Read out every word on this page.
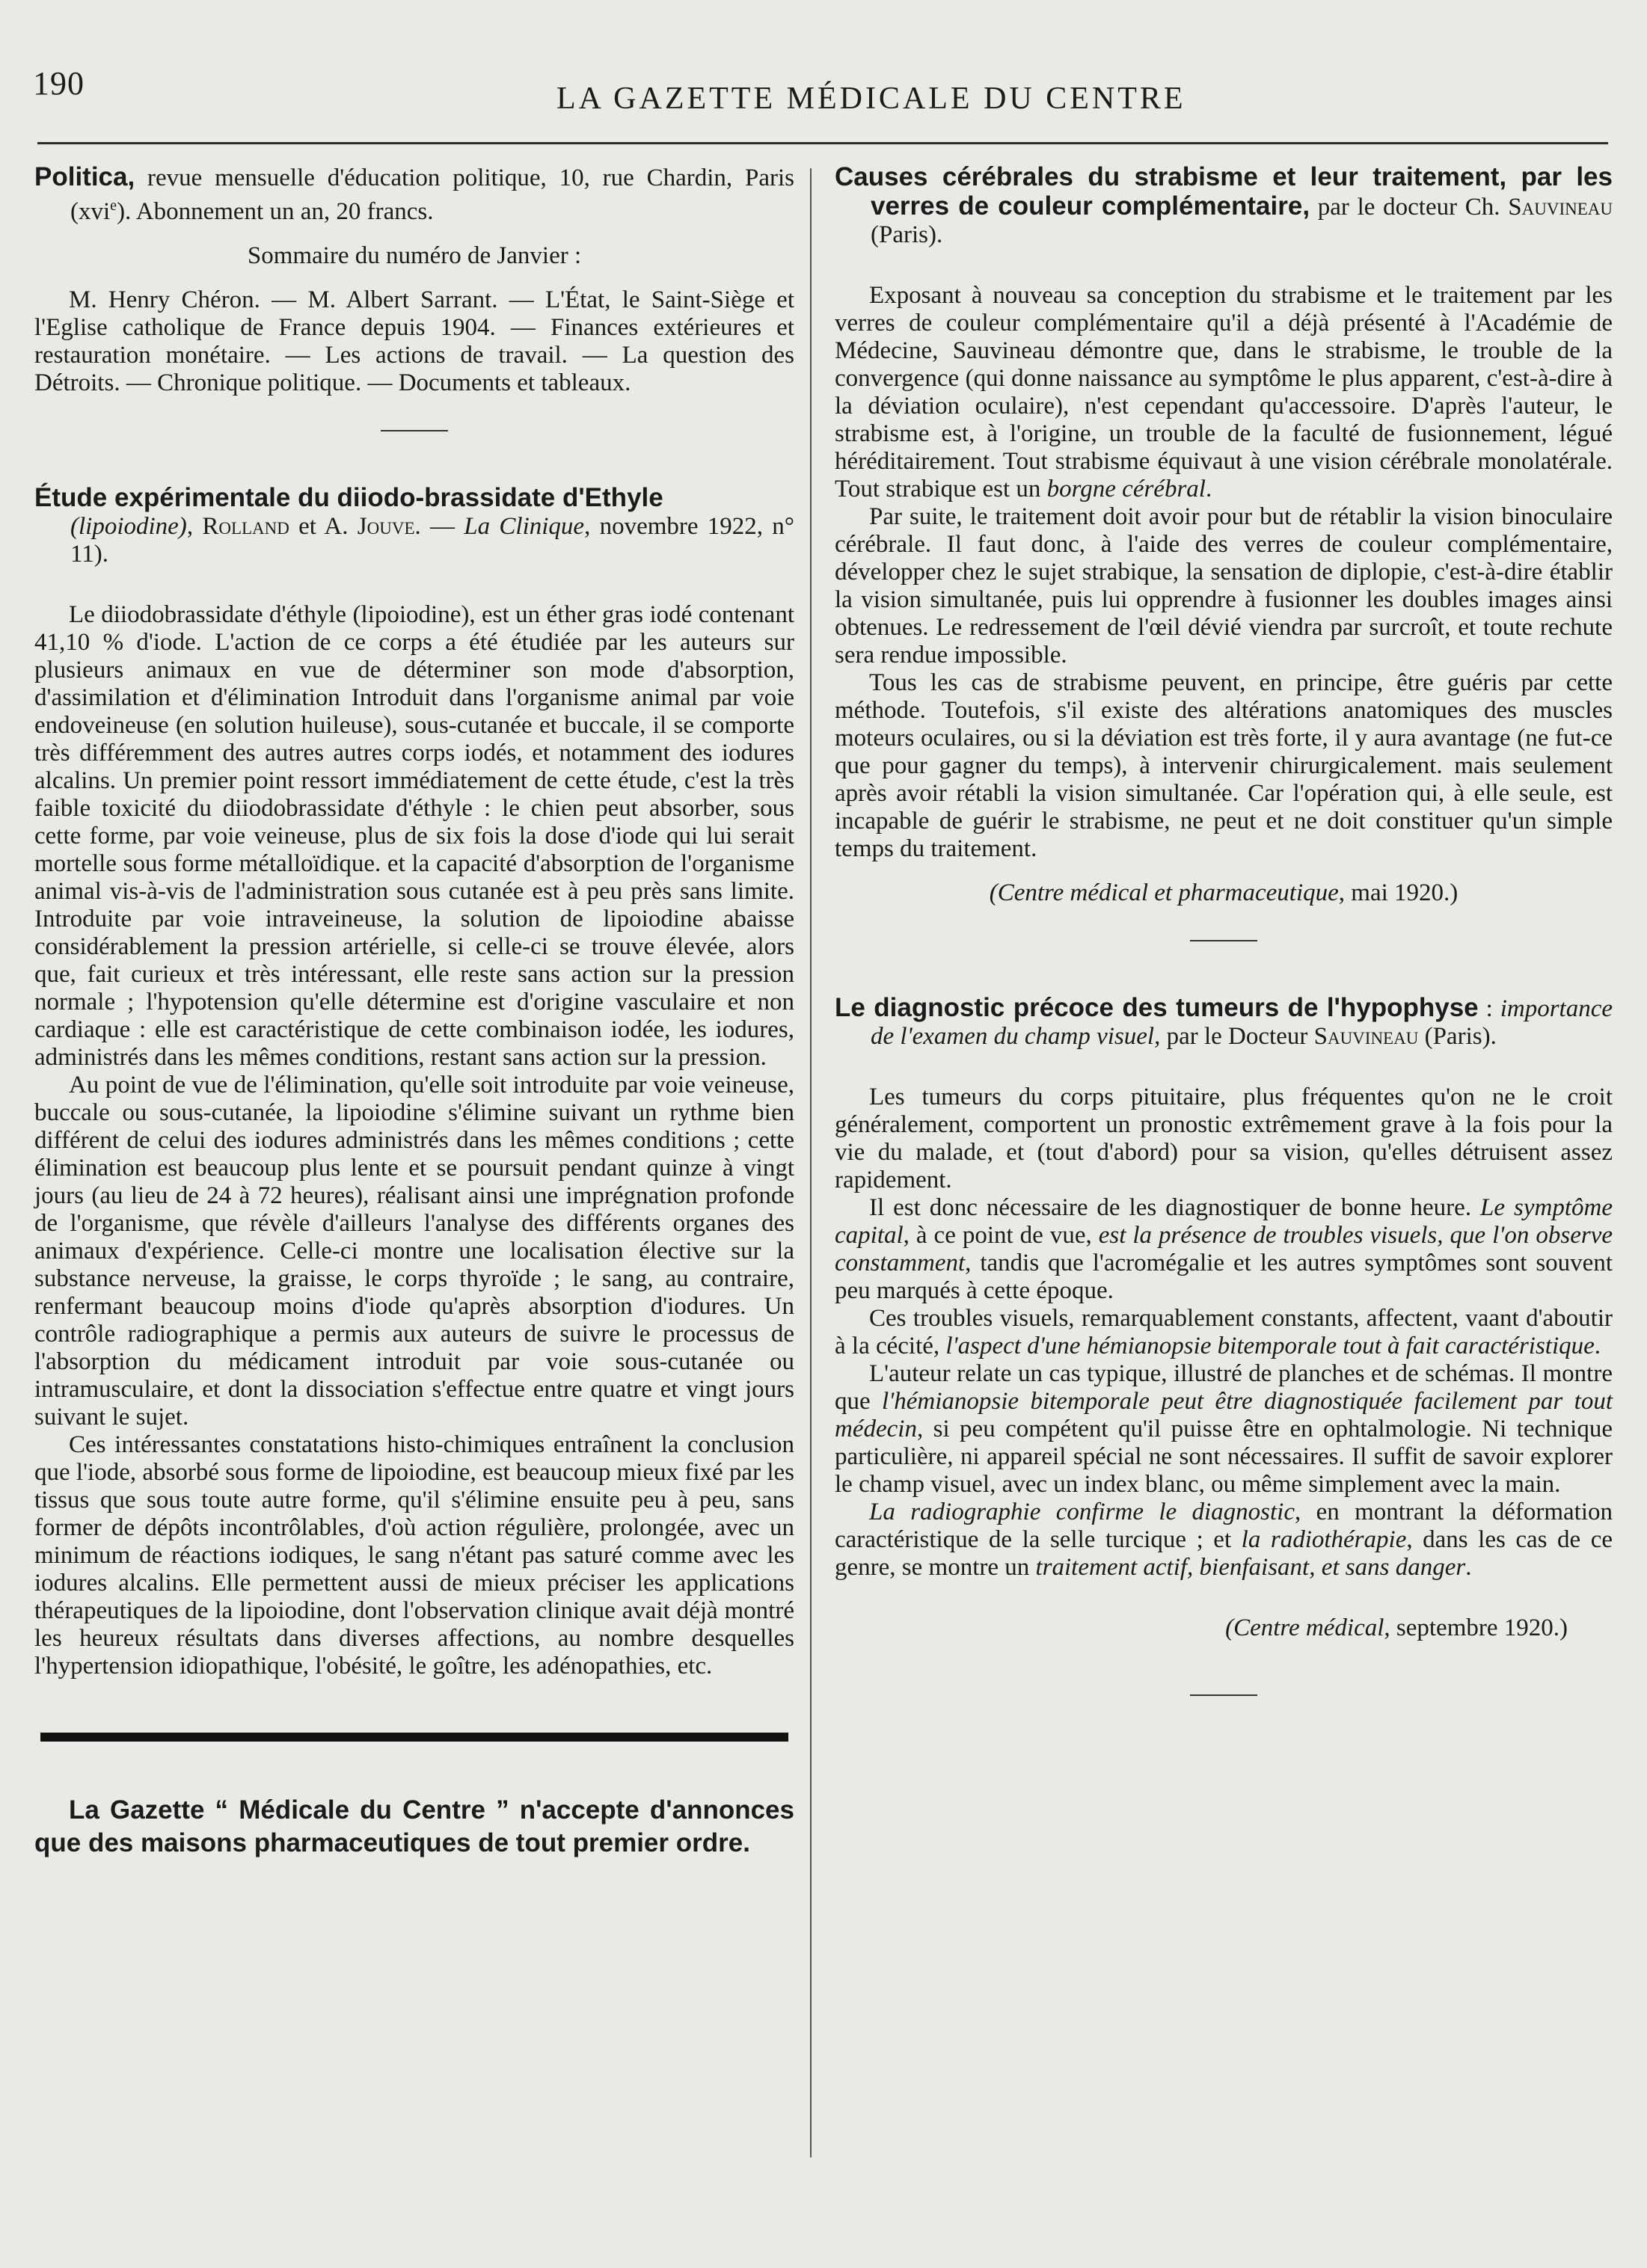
190	LA GAZETTE MÉDICALE DU CENTRE

Politica, revue mensuelle d'éducation politique, 10, rue Chardin, Paris (xvi$^e$). Abonnement un an, 20 francs.

Sommaire du numéro de Janvier :

M. Henry Chéron. — M. Albert Sarrant. — L'État, le Saint-Siège et l'Eglise catholique de France depuis 1904. — Finances extérieures et restauration monétaire. — Les actions de travail. — La question des Détroits. — Chronique politique. — Documents et tableaux.

Étude expérimentale du diiodo-brassidate d'Ethyle
(lipoiodine), Rolland et A. Jouve. — La Clinique, novembre 1922, n° 11).

Le diiodobrassidate d'éthyle (lipoiodine), est un éther gras iodé contenant 41,10 % d'iode. L'action de ce corps a été étudiée par les auteurs sur plusieurs animaux en vue de déterminer son mode d'absorption, d'assimilation et d'élimination Introduit dans l'organisme animal par voie endoveineuse (en solution huileuse), sous-cutanée et buccale, il se comporte très différemment des autres autres corps iodés, et notamment des iodures alcalins. Un premier point ressort immédiatement de cette étude, c'est la très faible toxicité du diiodobrassidate d'éthyle : le chien peut absorber, sous cette forme, par voie veineuse, plus de six fois la dose d'iode qui lui serait mortelle sous forme métalloïdique. et la capacité d'absorption de l'organisme animal vis-à-vis de l'administration sous cutanée est à peu près sans limite. Introduite par voie intraveineuse, la solution de lipoiodine abaisse considérablement la pression artérielle, si celle-ci se trouve élevée, alors que, fait curieux et très intéressant, elle reste sans action sur la pression normale ; l'hypotension qu'elle détermine est d'origine vasculaire et non cardiaque : elle est caractéristique de cette combinaison iodée, les iodures, administrés dans les mêmes conditions, restant sans action sur la pression.

Au point de vue de l'élimination, qu'elle soit introduite par voie veineuse, buccale ou sous-cutanée, la lipoiodine s'élimine suivant un rythme bien différent de celui des iodures administrés dans les mêmes conditions ; cette élimination est beaucoup plus lente et se poursuit pendant quinze à vingt jours (au lieu de 24 à 72 heures), réalisant ainsi une imprégnation profonde de l'organisme, que révèle d'ailleurs l'analyse des différents organes des animaux d'expérience. Celle-ci montre une localisation élective sur la substance nerveuse, la graisse, le corps thyroïde ; le sang, au contraire, renfermant beaucoup moins d'iode qu'après absorption d'iodures. Un contrôle radiographique a permis aux auteurs de suivre le processus de l'absorption du médicament introduit par voie sous-cutanée ou intramusculaire, et dont la dissociation s'effectue entre quatre et vingt jours suivant le sujet.

Ces intéressantes constatations histo-chimiques entraînent la conclusion que l'iode, absorbé sous forme de lipoiodine, est beaucoup mieux fixé par les tissus que sous toute autre forme, qu'il s'élimine ensuite peu à peu, sans former de dépôts incontrôlables, d'où action régulière, prolongée, avec un minimum de réactions iodiques, le sang n'étant pas saturé comme avec les iodures alcalins. Elle permettent aussi de mieux préciser les applications thérapeutiques de la lipoiodine, dont l'observation clinique avait déjà montré les heureux résultats dans diverses affections, au nombre desquelles l'hypertension idiopathique, l'obésité, le goître, les adénopathies, etc.

La Gazette “ Médicale du Centre ” n'accepte d'annonces que des maisons pharmaceutiques de tout premier ordre.

Causes cérébrales du strabisme et leur traitement, par les verres de couleur complémentaire, par le docteur Ch. Sauvineau (Paris).

Exposant à nouveau sa conception du strabisme et le traitement par les verres de couleur complémentaire qu'il a déjà présenté à l'Académie de Médecine, Sauvineau démontre que, dans le strabisme, le trouble de la convergence (qui donne naissance au symptôme le plus apparent, c'est-à-dire à la déviation oculaire), n'est cependant qu'accessoire. D'après l'auteur, le strabisme est, à l'origine, un trouble de la faculté de fusionnement, légué héréditairement. Tout strabisme équivaut à une vision cérébrale monolatérale. Tout strabique est un borgne cérébral.

Par suite, le traitement doit avoir pour but de rétablir la vision binoculaire cérébrale. Il faut donc, à l'aide des verres de couleur complémentaire, développer chez le sujet strabique, la sensation de diplopie, c'est-à-dire établir la vision simultanée, puis lui opprendre à fusionner les doubles images ainsi obtenues. Le redressement de l'œil dévié viendra par surcroît, et toute rechute sera rendue impossible.

Tous les cas de strabisme peuvent, en principe, être guéris par cette méthode. Toutefois, s'il existe des altérations anatomiques des muscles moteurs oculaires, ou si la déviation est très forte, il y aura avantage (ne fut-ce que pour gagner du temps), à intervenir chirurgicalement. mais seulement après avoir rétabli la vision simultanée. Car l'opération qui, à elle seule, est incapable de guérir le strabisme, ne peut et ne doit constituer qu'un simple temps du traitement.

(Centre médical et pharmaceutique, mai 1920.)

Le diagnostic précoce des tumeurs de l'hypophyse : importance de l'examen du champ visuel, par le Docteur Sauvineau (Paris).

Les tumeurs du corps pituitaire, plus fréquentes qu'on ne le croit généralement, comportent un pronostic extrêmement grave à la fois pour la vie du malade, et (tout d'abord) pour sa vision, qu'elles détruisent assez rapidement.

Il est donc nécessaire de les diagnostiquer de bonne heure. Le symptôme capital, à ce point de vue, est la présence de troubles visuels, que l'on observe constamment, tandis que l'acromégalie et les autres symptômes sont souvent peu marqués à cette époque.

Ces troubles visuels, remarquablement constants, affectent, vaant d'aboutir à la cécité, l'aspect d'une hémianopsie bitemporale tout à fait caractéristique.

L'auteur relate un cas typique, illustré de planches et de schémas. Il montre que l'hémianopsie bitemporale peut être diagnostiquée facilement par tout médecin, si peu compétent qu'il puisse être en ophtalmologie. Ni technique particulière, ni appareil spécial ne sont nécessaires. Il suffit de savoir explorer le champ visuel, avec un index blanc, ou même simplement avec la main.

La radiographie confirme le diagnostic, en montrant la déformation caractéristique de la selle turcique ; et la radiothérapie, dans les cas de ce genre, se montre un traitement actif, bienfaisant, et sans danger.

(Centre médical, septembre 1920.)
